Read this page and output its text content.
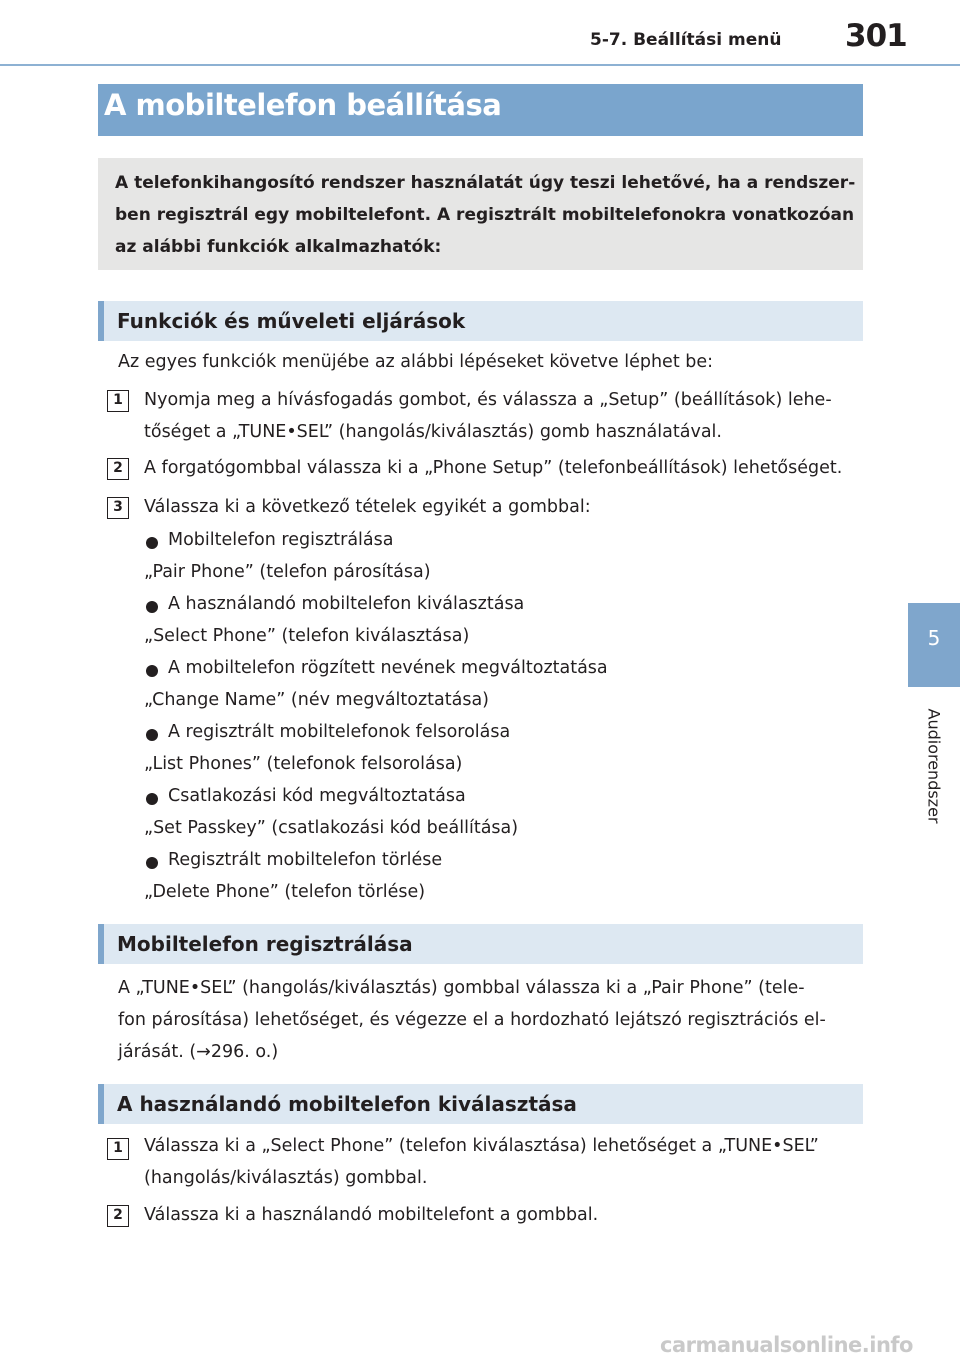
5-7. Beállítási menü 301
5
Audiorendszer
A mobiltelefon beállítása
A telefonkihangosító rendszer használatát úgy teszi lehetővé, ha a rendszer-
ben regisztrál egy mobiltelefont. A regisztrált mobiltelefonokra vonatkozóan
az alábbi funkciók alkalmazhatók:
Funkciók és műveleti eljárások
Az egyes funkciók menüjébe az alábbi lépéseket követve léphet be:
1	Nyomja meg a hívásfogadás gombot, és válassza a „Setup” (beállítások) lehe-
tőséget a „TUNE•SEL” (hangolás/kiválasztás) gomb használatával.
2	A forgatógombbal válassza ki a „Phone Setup” (telefonbeállítások) lehetőséget.
3	Válassza ki a következő tételek egyikét a gombbal:
Mobiltelefon regisztrálása
„Pair Phone” (telefon párosítása)
A használandó mobiltelefon kiválasztása
„Select Phone” (telefon kiválasztása)
A mobiltelefon rögzített nevének megváltoztatása
„Change Name” (név megváltoztatása)
A regisztrált mobiltelefonok felsorolása
„List Phones” (telefonok felsorolása)
Csatlakozási kód megváltoztatása
„Set Passkey” (csatlakozási kód beállítása)
Regisztrált mobiltelefon törlése
„Delete Phone” (telefon törlése)
Mobiltelefon regisztrálása
A „TUNE•SEL” (hangolás/kiválasztás) gombbal válassza ki a „Pair Phone” (tele-
fon párosítása) lehetőséget, és végezze el a hordozható lejátszó regisztrációs el-
járását. (→296. o.)
A használandó mobiltelefon kiválasztása
1	Válassza ki a „Select Phone” (telefon kiválasztása) lehetőséget a „TUNE•SEL”
(hangolás/kiválasztás) gombbal.
2	Válassza ki a használandó mobiltelefont a gombbal.
carmanualsonline.info
